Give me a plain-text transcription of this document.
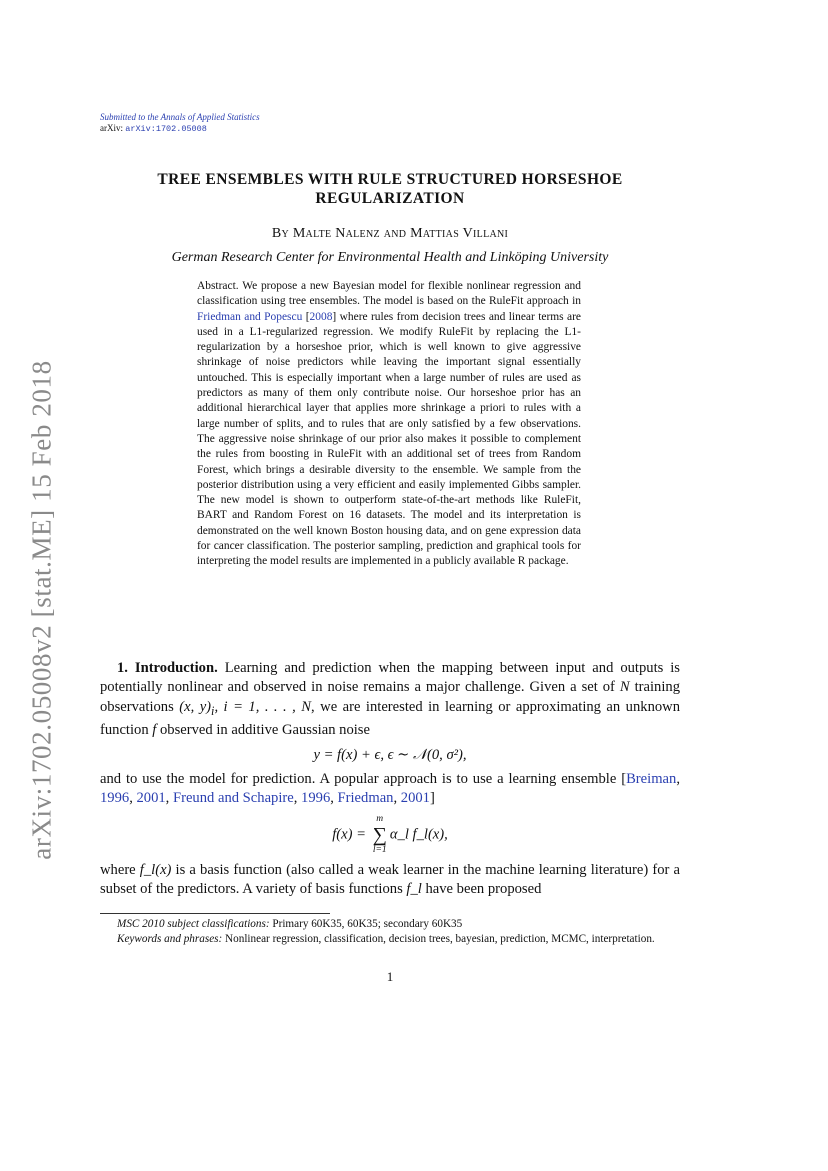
arXiv:1702.05008v2 [stat.ME] 15 Feb 2018
Submitted to the Annals of Applied Statistics
arXiv: arXiv:1702.05008
TREE ENSEMBLES WITH RULE STRUCTURED HORSESHOE
REGULARIZATION
By Malte Nalenz and Mattias Villani
German Research Center for Environmental Health and Linköping University
Abstract. We propose a new Bayesian model for flexible nonlinear regression and classification using tree ensembles. The model is based on the RuleFit approach in Friedman and Popescu [2008] where rules from decision trees and linear terms are used in a L1-regularized regression. We modify RuleFit by replacing the L1-regularization by a horseshoe prior, which is well known to give aggressive shrinkage of noise predictors while leaving the important signal essentially untouched. This is especially important when a large number of rules are used as predictors as many of them only contribute noise. Our horseshoe prior has an additional hierarchical layer that applies more shrinkage a priori to rules with a large number of splits, and to rules that are only satisfied by a few observations. The aggressive noise shrinkage of our prior also makes it possible to complement the rules from boosting in RuleFit with an additional set of trees from Random Forest, which brings a desirable diversity to the ensemble. We sample from the posterior distribution using a very efficient and easily implemented Gibbs sampler. The new model is shown to outperform state-of-the-art methods like RuleFit, BART and Random Forest on 16 datasets. The model and its interpretation is demonstrated on the well known Boston housing data, and on gene expression data for cancer classification. The posterior sampling, prediction and graphical tools for interpreting the model results are implemented in a publicly available R package.

1. Introduction. Learning and prediction when the mapping between input and outputs is potentially nonlinear and observed in noise remains a major challenge. Given a set of N training observations (x, $y)_i$, i = 1, . . . , N, we are interested in learning or approximating an unknown function f observed in additive Gaussian noise

y = f(x) + ϵ, ϵ ∼ 𝒩(0, σ²),

and to use the model for prediction. A popular approach is to use a learning ensemble [Breiman, 1996, 2001, Freund and Schapire, 1996, Friedman, 2001]

f(x) =
m
∑
l=1
α_l f_l(x),

where f_l(x) is a basis function (also called a weak learner in the machine learning literature) for a subset of the predictors. A variety of basis functions f_l have been proposed

MSC 2010 subject classifications: Primary 60K35, 60K35; secondary 60K35

Keywords and phrases: Nonlinear regression, classification, decision trees, bayesian, prediction, MCMC, interpretation.

1
